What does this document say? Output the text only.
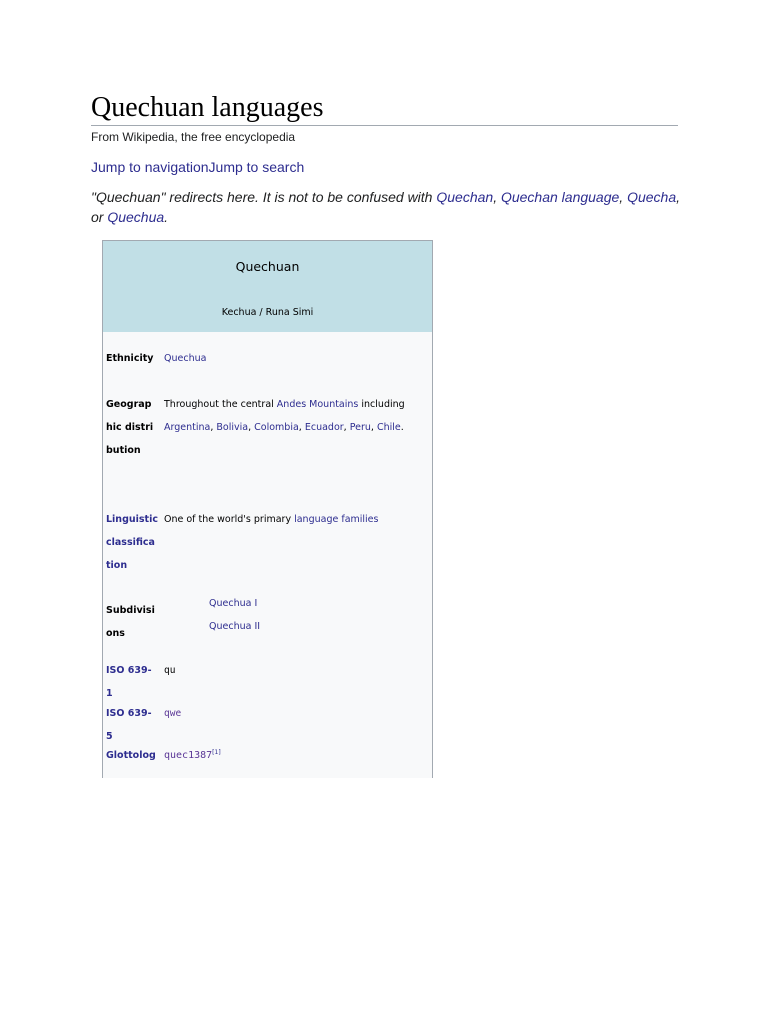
Quechuan languages
From Wikipedia, the free encyclopedia
Jump to navigationJump to search
"Quechuan" redirects here. It is not to be confused with Quechan, Quechan language, Quecha,
or Quechua.
Quechuan
Kechua / Runa Simi
Ethnicity	Quechua
Geographic distribution
Throughout the central Andes Mountains including Argentina, Bolivia, Colombia, Ecuador, Peru, Chile.
Linguistic classification
One of the world's primary language families
Subdivisions
Quechua I
Quechua II
ISO 639-1
qu
ISO 639-5
qwe
Glottolog quec1387[1]
